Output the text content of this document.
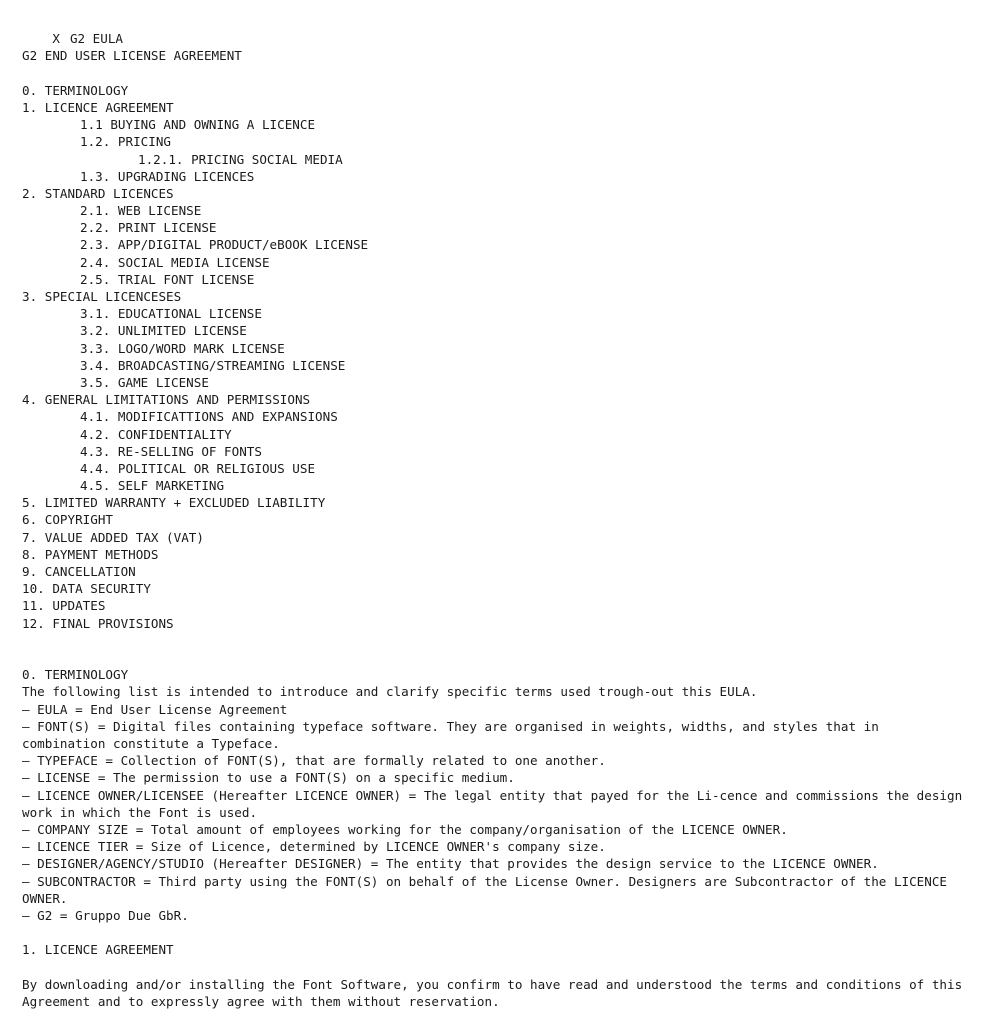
X G2 EULA

G2 END USER LICENSE AGREEMENT
0. TERMINOLOGY
1. LICENCE AGREEMENT
1.1 BUYING AND OWNING A LICENCE
1.2. PRICING
1.2.1. PRICING SOCIAL MEDIA
1.3. UPGRADING LICENCES
2. STANDARD LICENCES
2.1. WEB LICENSE
2.2. PRINT LICENSE
2.3. APP/DIGITAL PRODUCT/eBOOK LICENSE
2.4. SOCIAL MEDIA LICENSE
2.5. TRIAL FONT LICENSE
3. SPECIAL LICENCESES
3.1. EDUCATIONAL LICENSE
3.2. UNLIMITED LICENSE
3.3. LOGO/WORD MARK LICENSE
3.4. BROADCASTING/STREAMING LICENSE
3.5. GAME LICENSE
4. GENERAL LIMITATIONS AND PERMISSIONS
4.1. MODIFICATTIONS AND EXPANSIONS
4.2. CONFIDENTIALITY
4.3. RE-SELLING OF FONTS
4.4. POLITICAL OR RELIGIOUS USE
4.5. SELF MARKETING
5. LIMITED WARRANTY + EXCLUDED LIABILITY
6. COPYRIGHT
7. VALUE ADDED TAX (VAT)
8. PAYMENT METHODS
9. CANCELLATION
10. DATA SECURITY
11. UPDATES
12. FINAL PROVISIONS
0. TERMINOLOGY

The following list is intended to introduce and clarify specific terms used trough-out this EULA.

— EULA = End User License Agreement

— FONT(S) = Digital files containing typeface software. They are organised in weights, widths, and styles that in combination constitute a Typeface.

— TYPEFACE = Collection of FONT(S), that are formally related to one another.

— LICENSE = The permission to use a FONT(S) on a specific medium.

— LICENCE OWNER/LICENSEE (Hereafter LICENCE OWNER) = The legal entity that payed for the Li-cence and commissions the design work in which the Font is used.

— COMPANY SIZE = Total amount of employees working for the company/organisation of the LICENCE OWNER.

— LICENCE TIER = Size of Licence, determined by LICENCE OWNER's company size.

— DESIGNER/AGENCY/STUDIO (Hereafter DESIGNER) = The entity that provides the design service to the LICENCE OWNER.

— SUBCONTRACTOR = Third party using the FONT(S) on behalf of the License Owner. Designers are Subcontractor of the LICENCE OWNER.

— G2 = Gruppo Due GbR.

1. LICENCE AGREEMENT

By downloading and/or installing the Font Software, you confirm to have read and understood the terms and conditions of this Agreement and to expressly agree with them without reservation.
